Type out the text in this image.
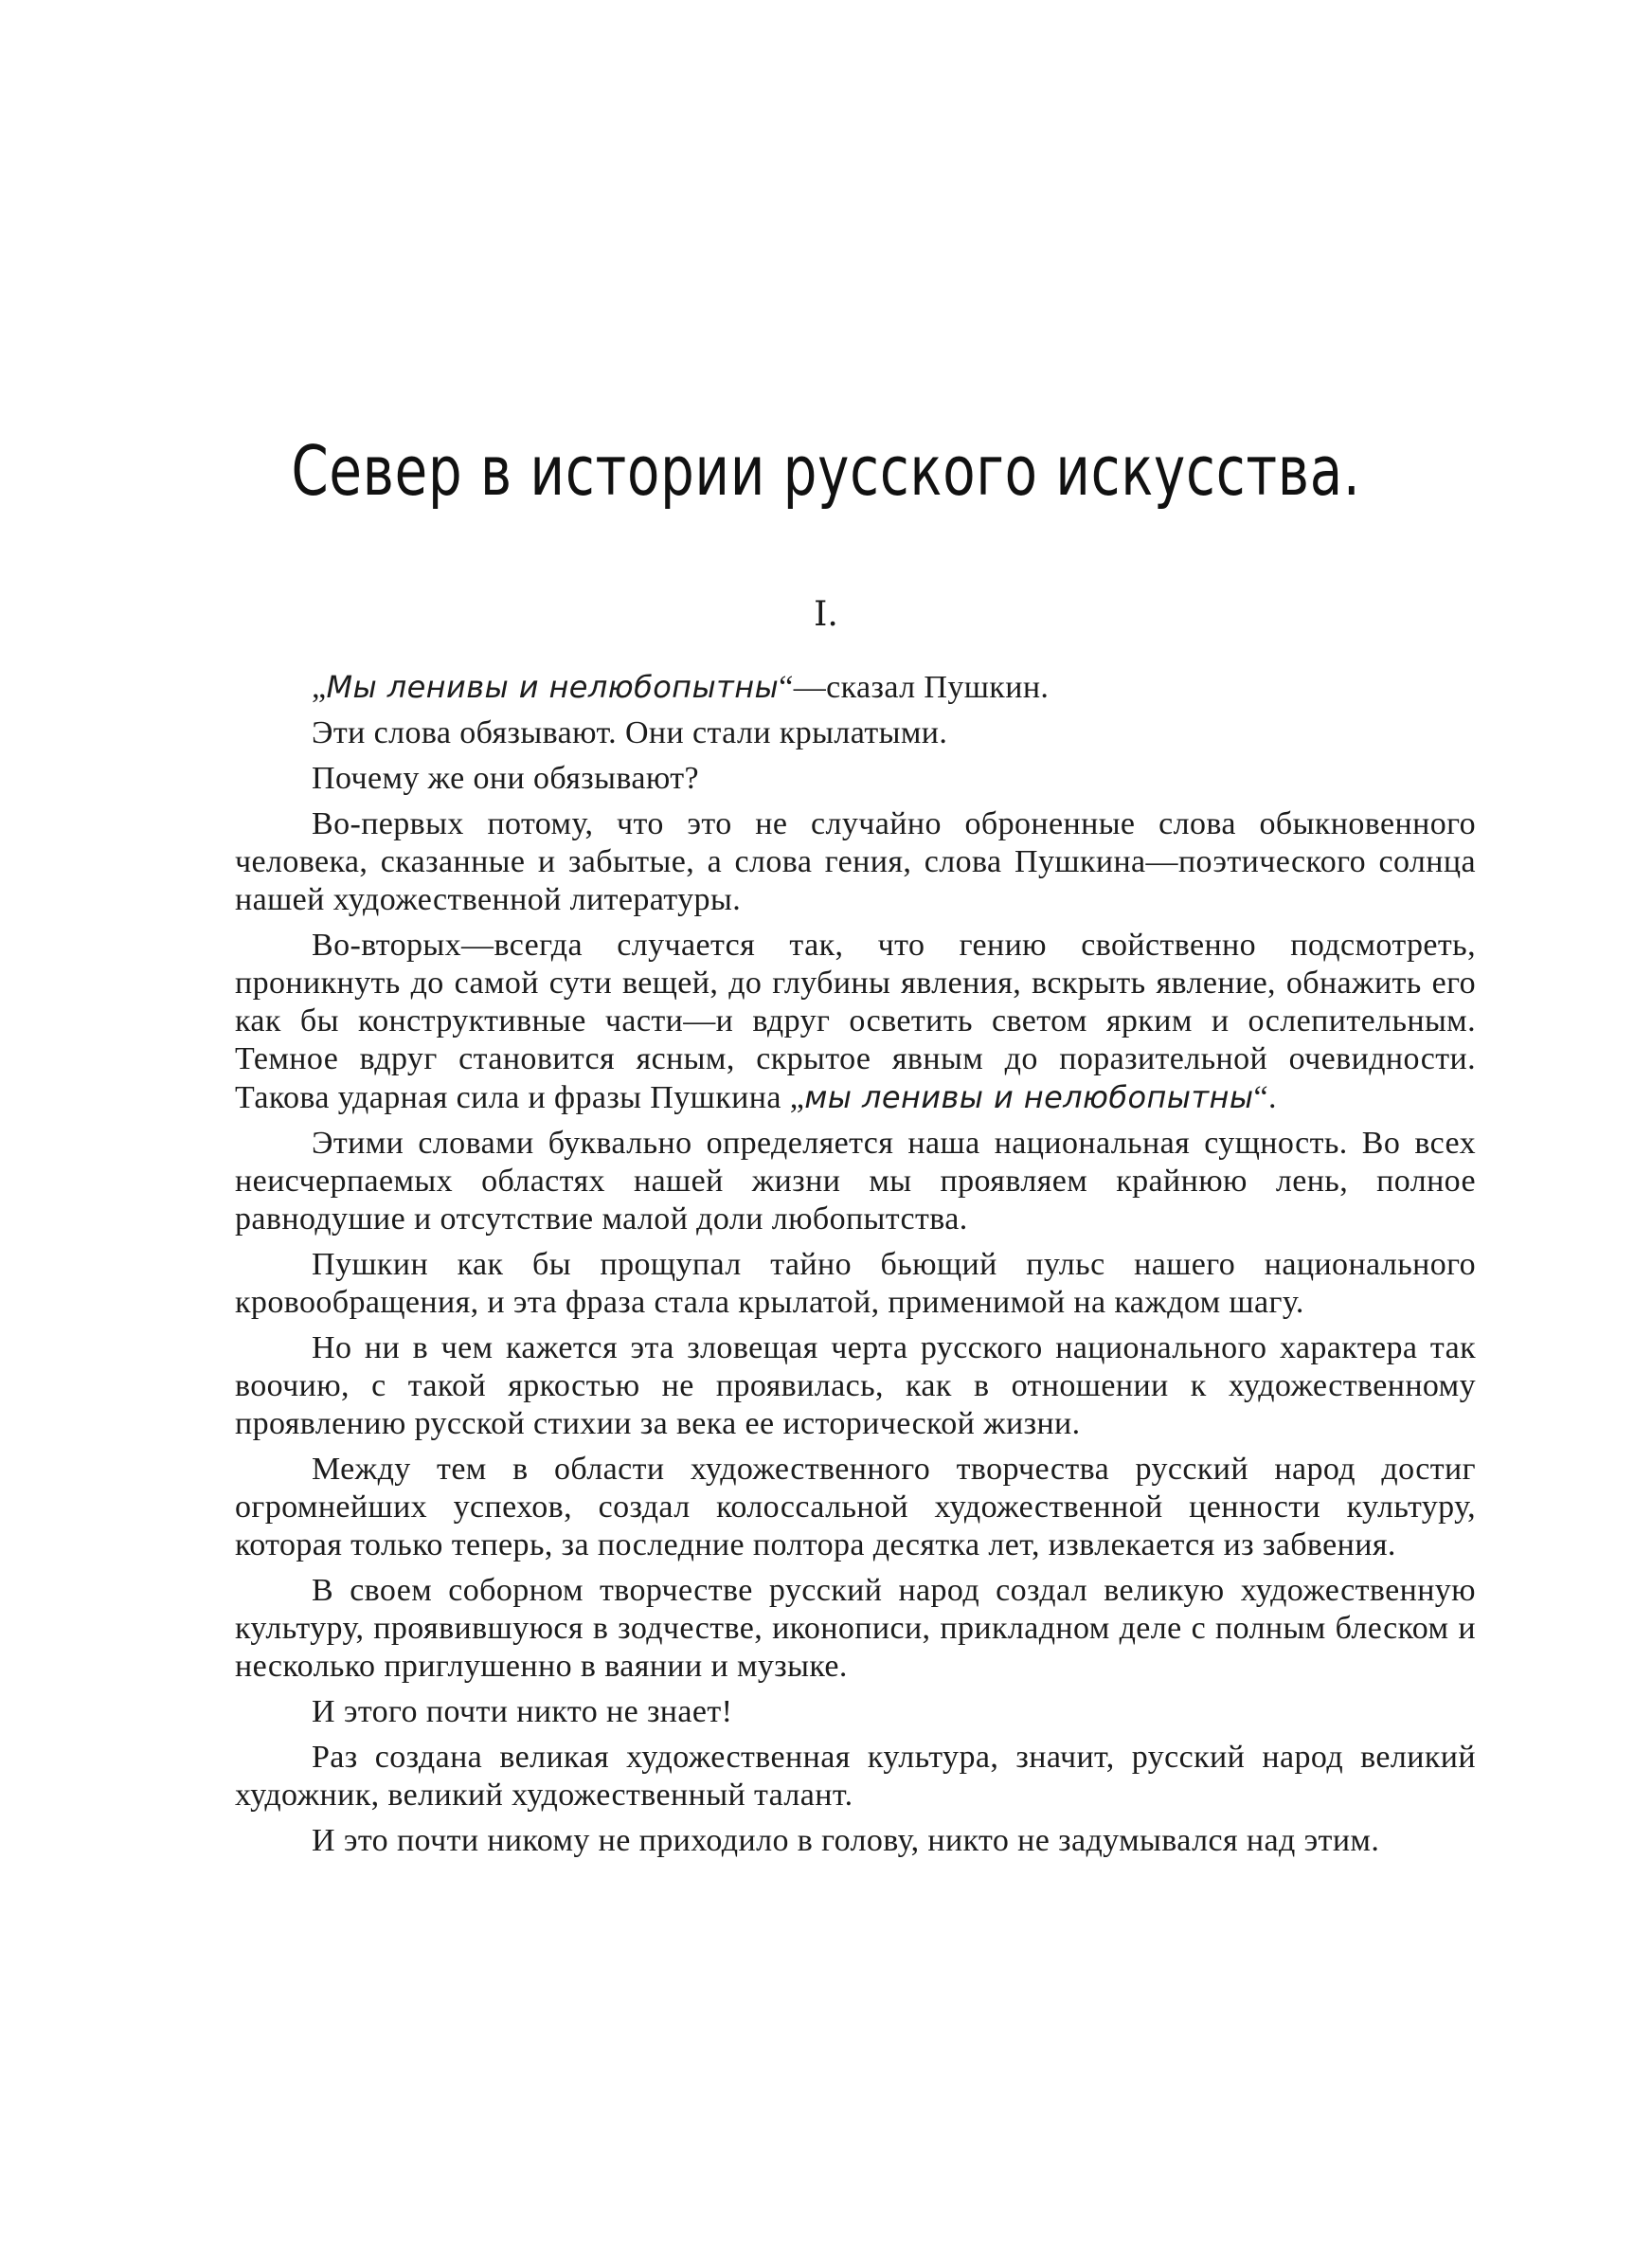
Север в истории русского искусства.
I.

„Мы ленивы и нелюбопытны“—сказал Пушкин.

Эти слова обязывают. Они стали крылатыми.

Почему же они обязывают?

Во-первых потому, что это не случайно оброненные слова обыкновенного человека, сказанные и забытые, а слова гения, слова Пушкина—поэтического солнца нашей художественной литературы.

Во-вторых—всегда случается так, что гению свойственно подсмотреть, проникнуть до самой сути вещей, до глубины явления, вскрыть явление, обнажить его как бы конструктивные части—и вдруг осветить светом ярким и ослепительным. Темное вдруг становится ясным, скрытое явным до поразительной очевидности. Такова ударная сила и фразы Пушкина „мы ленивы и нелюбопытны“.

Этими словами буквально определяется наша национальная сущность. Во всех неисчерпаемых областях нашей жизни мы проявляем крайнюю лень, полное равнодушие и отсутствие малой доли любопытства.

Пушкин как бы прощупал тайно бьющий пульс нашего национального кровообращения, и эта фраза стала крылатой, применимой на каждом шагу.

Но ни в чем кажется эта зловещая черта русского национального характера так воочию, с такой яркостью не проявилась, как в отношении к художественному проявлению русской стихии за века ее исторической жизни.

Между тем в области художественного творчества русский народ достиг огромнейших успехов, создал колоссальной художественной ценности культуру, которая только теперь, за последние полтора десятка лет, извлекается из забвения.

В своем соборном творчестве русский народ создал великую художественную культуру, проявившуюся в зодчестве, иконописи, прикладном деле с полным блеском и несколько приглушенно в ваянии и музыке.

И этого почти никто не знает!

Раз создана великая художественная культура, значит, русский народ великий художник, великий художественный талант.

И это почти никому не приходило в голову, никто не задумывался над этим.
